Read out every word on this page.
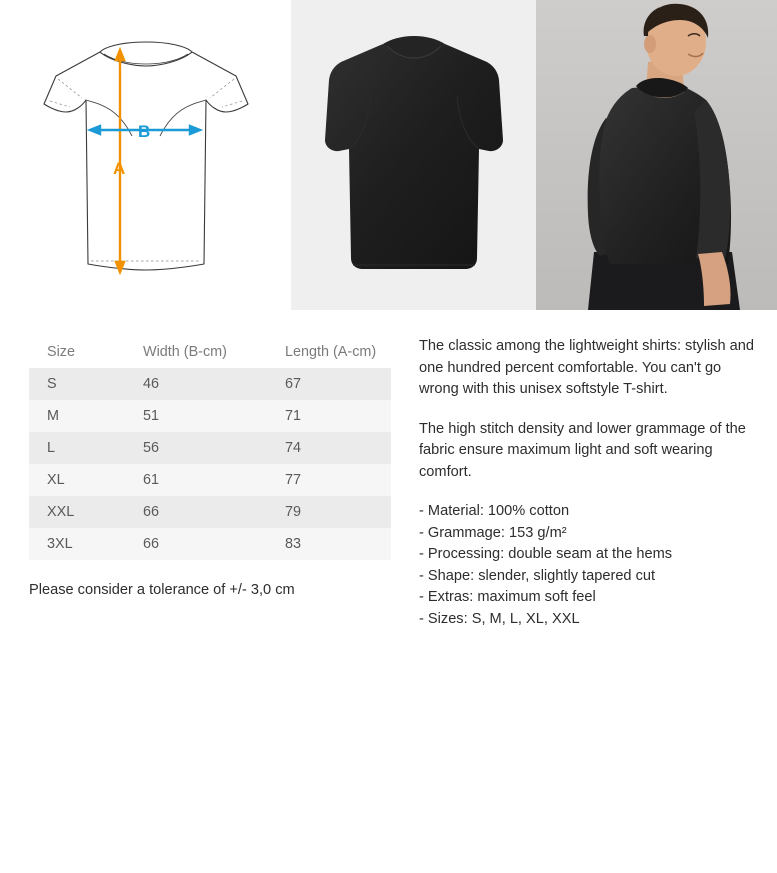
A
B
Size	Width (B-cm)	Length (A-cm)
S	46	67
M	51	71
L	56	74
XL	61	77
XXL	66	79
3XL	66	83
Please consider a tolerance of +/- 3,0 cm

The classic among the lightweight shirts: stylish and one hundred percent comfortable. You can't go wrong with this unisex softstyle T-shirt.

The high stitch density and lower grammage of the fabric ensure maximum light and soft wearing comfort.

- Material: 100% cotton
- Grammage: 153 g/m²
- Processing: double seam at the hems
- Shape: slender, slightly tapered cut
- Extras: maximum soft feel
- Sizes: S, M, L, XL, XXL
